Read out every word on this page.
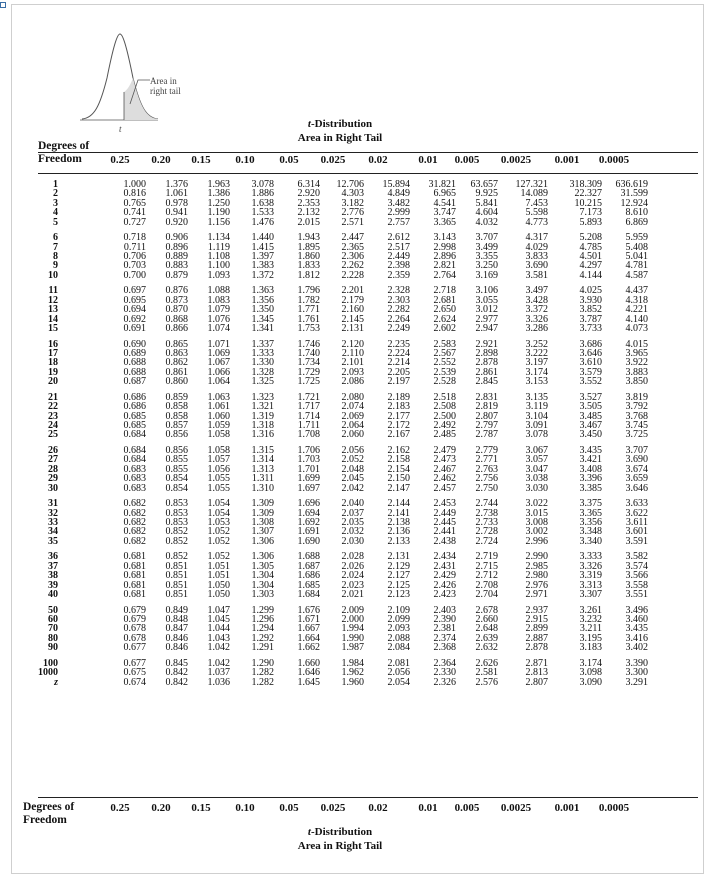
Area in
right tail
t	t-Distribution
Area in Right Tail
Degrees of
Freedom	0.25	0.20	0.15	0.10	0.05	0.025	0.02	0.01	0.005	0.0025	0.001	0.0005
1	1.000	1.376	1.963	3.078	6.314	12.706	15.894	31.821	63.657	127.321	318.309	636.619
2	0.816	1.061	1.386	1.886	2.920	4.303	4.849	6.965	9.925	14.089	22.327	31.599
3	0.765	0.978	1.250	1.638	2.353	3.182	3.482	4.541	5.841	7.453	10.215	12.924
4	0.741	0.941	1.190	1.533	2.132	2.776	2.999	3.747	4.604	5.598	7.173	8.610
5	0.727	0.920	1.156	1.476	2.015	2.571	2.757	3.365	4.032	4.773	5.893	6.869
6	0.718	0.906	1.134	1.440	1.943	2.447	2.612	3.143	3.707	4.317	5.208	5.959
7	0.711	0.896	1.119	1.415	1.895	2.365	2.517	2.998	3.499	4.029	4.785	5.408
8	0.706	0.889	1.108	1.397	1.860	2.306	2.449	2.896	3.355	3.833	4.501	5.041
9	0.703	0.883	1.100	1.383	1.833	2.262	2.398	2.821	3.250	3.690	4.297	4.781
10	0.700	0.879	1.093	1.372	1.812	2.228	2.359	2.764	3.169	3.581	4.144	4.587
11	0.697	0.876	1.088	1.363	1.796	2.201	2.328	2.718	3.106	3.497	4.025	4.437
12	0.695	0.873	1.083	1.356	1.782	2.179	2.303	2.681	3.055	3.428	3.930	4.318
13	0.694	0.870	1.079	1.350	1.771	2.160	2.282	2.650	3.012	3.372	3.852	4.221
14	0.692	0.868	1.076	1.345	1.761	2.145	2.264	2.624	2.977	3.326	3.787	4.140
15	0.691	0.866	1.074	1.341	1.753	2.131	2.249	2.602	2.947	3.286	3.733	4.073
16	0.690	0.865	1.071	1.337	1.746	2.120	2.235	2.583	2.921	3.252	3.686	4.015
17	0.689	0.863	1.069	1.333	1.740	2.110	2.224	2.567	2.898	3.222	3.646	3.965
18	0.688	0.862	1.067	1.330	1.734	2.101	2.214	2.552	2.878	3.197	3.610	3.922
19	0.688	0.861	1.066	1.328	1.729	2.093	2.205	2.539	2.861	3.174	3.579	3.883
20	0.687	0.860	1.064	1.325	1.725	2.086	2.197	2.528	2.845	3.153	3.552	3.850
21	0.686	0.859	1.063	1.323	1.721	2.080	2.189	2.518	2.831	3.135	3.527	3.819
22	0.686	0.858	1.061	1.321	1.717	2.074	2.183	2.508	2.819	3.119	3.505	3.792
23	0.685	0.858	1.060	1.319	1.714	2.069	2.177	2.500	2.807	3.104	3.485	3.768
24	0.685	0.857	1.059	1.318	1.711	2.064	2.172	2.492	2.797	3.091	3.467	3.745
25	0.684	0.856	1.058	1.316	1.708	2.060	2.167	2.485	2.787	3.078	3.450	3.725
26	0.684	0.856	1.058	1.315	1.706	2.056	2.162	2.479	2.779	3.067	3.435	3.707
27	0.684	0.855	1.057	1.314	1.703	2.052	2.158	2.473	2.771	3.057	3.421	3.690
28	0.683	0.855	1.056	1.313	1.701	2.048	2.154	2.467	2.763	3.047	3.408	3.674
29	0.683	0.854	1.055	1.311	1.699	2.045	2.150	2.462	2.756	3.038	3.396	3.659
30	0.683	0.854	1.055	1.310	1.697	2.042	2.147	2.457	2.750	3.030	3.385	3.646
31	0.682	0.853	1.054	1.309	1.696	2.040	2.144	2.453	2.744	3.022	3.375	3.633
32	0.682	0.853	1.054	1.309	1.694	2.037	2.141	2.449	2.738	3.015	3.365	3.622
33	0.682	0.853	1.053	1.308	1.692	2.035	2.138	2.445	2.733	3.008	3.356	3.611
34	0.682	0.852	1.052	1.307	1.691	2.032	2.136	2.441	2.728	3.002	3.348	3.601
35	0.682	0.852	1.052	1.306	1.690	2.030	2.133	2.438	2.724	2.996	3.340	3.591
36	0.681	0.852	1.052	1.306	1.688	2.028	2.131	2.434	2.719	2.990	3.333	3.582
37	0.681	0.851	1.051	1.305	1.687	2.026	2.129	2.431	2.715	2.985	3.326	3.574
38	0.681	0.851	1.051	1.304	1.686	2.024	2.127	2.429	2.712	2.980	3.319	3.566
39	0.681	0.851	1.050	1.304	1.685	2.023	2.125	2.426	2.708	2.976	3.313	3.558
40	0.681	0.851	1.050	1.303	1.684	2.021	2.123	2.423	2.704	2.971	3.307	3.551
50	0.679	0.849	1.047	1.299	1.676	2.009	2.109	2.403	2.678	2.937	3.261	3.496
60	0.679	0.848	1.045	1.296	1.671	2.000	2.099	2.390	2.660	2.915	3.232	3.460
70	0.678	0.847	1.044	1.294	1.667	1.994	2.093	2.381	2.648	2.899	3.211	3.435
80	0.678	0.846	1.043	1.292	1.664	1.990	2.088	2.374	2.639	2.887	3.195	3.416
90	0.677	0.846	1.042	1.291	1.662	1.987	2.084	2.368	2.632	2.878	3.183	3.402
100	0.677	0.845	1.042	1.290	1.660	1.984	2.081	2.364	2.626	2.871	3.174	3.390
1000	0.675	0.842	1.037	1.282	1.646	1.962	2.056	2.330	2.581	2.813	3.098	3.300
z	0.674	0.842	1.036	1.282	1.645	1.960	2.054	2.326	2.576	2.807	3.090	3.291
Degrees of
Freedom
0.25	0.20	0.15	0.10	0.05	0.025	0.02	0.01	0.005	0.0025	0.001	0.0005
t-Distribution
Area in Right Tail
